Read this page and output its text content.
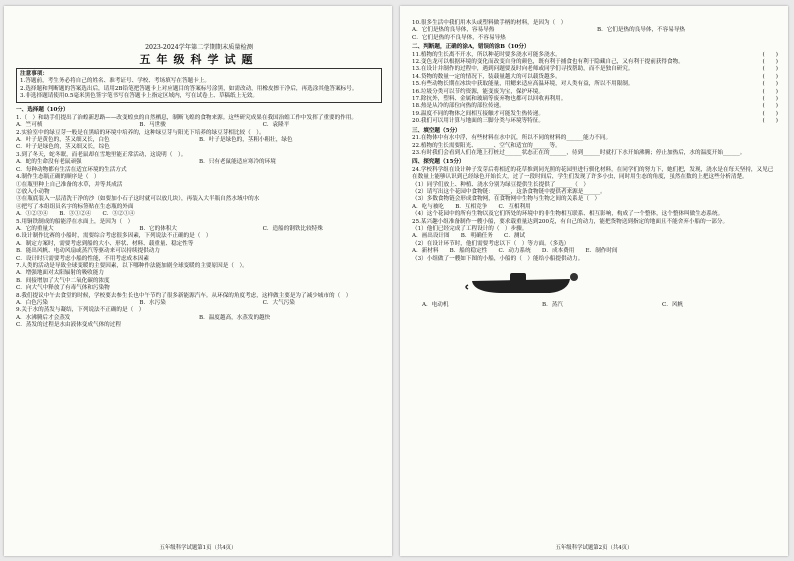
2023-2024学年第二学期期末质量检测
五年级科学试题
注意事项：
1.答题前，考生务必将自己的姓名、准考证号、学校、考场填写在答题卡上。
2.选择题和判断题的答案选出后，请用2B铅笔把答题卡上对应题目的答案标号涂黑，如需改动，用橡皮擦干净后，再选涂其他答案标号。
3.非选择题请使用0.5毫米黑色签字笔书写在答题卡上指定区域内，写在试卷上、草稿纸上无效。
一、选择题（10分）
1.（　）和助手们提出了治蝗新思路——改变蝗虫的自然栖息，制断飞蝗的食物来源。这些研究成果在我国治蝗工作中发挥了重要的作用。
A．竺可桢	B．马世骏	C．袁隆平
2.实验室中的绿豆芽一般是在黑暗的环境中培养的，这种绿豆芽与阳光下培养的绿豆芽相比较（　）。
A．叶子是黄色的，茎又细又长，白色	B．叶子是绿色的，茎粗小粗壮，绿色
C．叶子是绿色的，茎又细又长，综色
3.到了冬天，蛇冬眠，而老鼠却在雪地里能正常活动，这说明（　）。
A．蛇的生命没有老鼠顽强	B．只有老鼠能适应寒冷的环境
C．每种动物都有生活在适宜环境的生活方式
4.制作生态瓶正确的顺序是（　）
①在瓶里种上自己准备的水草，并等其成活
②放入小动物
③在瓶底装入一层清洗干净的沙（如要加小石子这时就可以放几块），再装入大半瓶自然水域中的水
④把写了本组组员名字的标签贴在生态瓶的外面
A．①②③④　　B．③①②④　　C．③②①④
5.用铜铁制成的船能浮在水面上，是因为（　）
A．它的重量大	B．它的体积大	C．造船的钢铁比较特殊
6.设计制作比赛的小船时，需要综合考虑很多因素，下列说法不正确的是（　）
A．制定方案时，需要考虑到船的大小、形状、材料、载重量、稳定性等
B．能出风帆、电动风扇或蒸汽等驱动来可以持续提供动力
C．设计时只需要考虑小船的性能，不用考虑成本因素
7.人类的活动是导致全球变暖的主要因素，以下哪种作法能加剧全球变暖的主要原因是（　）。
A．增强地面对太阳辐射的吸收能力
B．间接增加了大气中二氧化碳的浓度
C．向大气中释放了有毒气体和污染物
8.我们提议中午去食堂的时候，学校要去参生长也中午节约了很多新能源汽车。从环保的角度考虑，这样做主要是为了减少城市的（　）
A．白色污染	B．水污染	C．大气污染
9.关于水的蒸发与凝结，下列说法不正确的是（　）
A．水沸腾后才会蒸发	B．温度越高，水蒸发的越快
C．蒸发的过程是水由液体变成气体的过程
五年级科学试题第1页（共4页）
10.很多生活中我们用木头或塑料做手柄的材料，是因为（　）
A．它们是热的良导体，容易导热	B．它们是热的良导体，不容易导热
C．它们是热的不良导体，不容易导热
二、判断题，正确的涂A，错误的涂B（10分）
11.植物的生长离不开水，所以种花时要多浇水可能多浇水。	(　　)
12.变色龙可以根据环境的变化而改变自身的颜色，既有利于捕食也有利于隐藏自己，又有利于提前获得食物。	(　　)
13.在设计并制作的过程中，遇到问题要及时向老师或同学们寻找帮助，而不是独自研究。	(　　)
14.贷物的数量一定的情况下，装载量越大的可以载货越多。	(　　)
15.有些动物长期在冰块中获取能量，用鳃来适应高温环境，对人类有益，所以不用限制。	(　　)
16.垃圾分类可以节约资源，能变废为宝，保护环境。	(　　)
17.除抗外，塑料、金属和玻璃等废弃物也都可以回收再利用。	(　　)
18.热是从冷的部位向热的部位传递。	(　　)
19.温度不同的物体之间相互接触才可能发生热传递。	(　　)
20.我们可以用计算与地面的三脚分类与环境等特征。	(　　)
三、填空题（5分）
21.在物体中有水中浮，有些材料在水中沉，所以不同的材料的______能力不同。
22.植物的生长需要阳光、______、空气和适宜的______等。
23.有时我们会看到人们在地上打桩过______状态正在的______，待到______时就打下水开始沸腾；停止加热后，水的温度开始______。
四、探究题（15分）
24.学校科学组在设计种子发芽后将相近的花草推到同光照的花园里进行驯化材料，在同学们的努力下，她们把，发现，浇水是在每天坚持，又见已在数量上能够认识到已经绿色开始长大，过了一段时间后，学生们发现了许多小虫，同时用生态的角度，虽然在数的上把这些分析清楚。
（1）同学们放上、种植、浇水分别为绿豆提供生长提供了______（　）
（2）请写出这个花园中食物链：______，这条食物链中提供者来源是______。
（3）多数食物链会形成食物网，在食物网中生物与生物之间的关系是（　）
A．吃与被吃　　B．互相竞争　　C．互相利用
（4）这个花园中的所有生物以及它们所处的环境中的非生物相互联系、相互影响，构成了一个整体，这个整体叫做生态系统。
25.某兴趣小组准备制作一艘小船，要求载重量达到200克，有自己的动力，能把货物送到指定的地面且不能舍弃小船的一部分。
（1）他们已经完成了工程设计的（　）步骤。
A．画出设计图　　B．明确任务　　C．测试
（2）在设计环节时，他们需要考虑以下（　）等方面。（多选）
A．新材料　　B．船的稳定性　　C．动力系统　　D．成本费用　　E．制作时间
（3）小组做了一艘如下图的小船，小船的（　）能给小船提供动力。
A．电动机	B．蒸汽	C．风帆
五年级科学试题第2页（共4页）
